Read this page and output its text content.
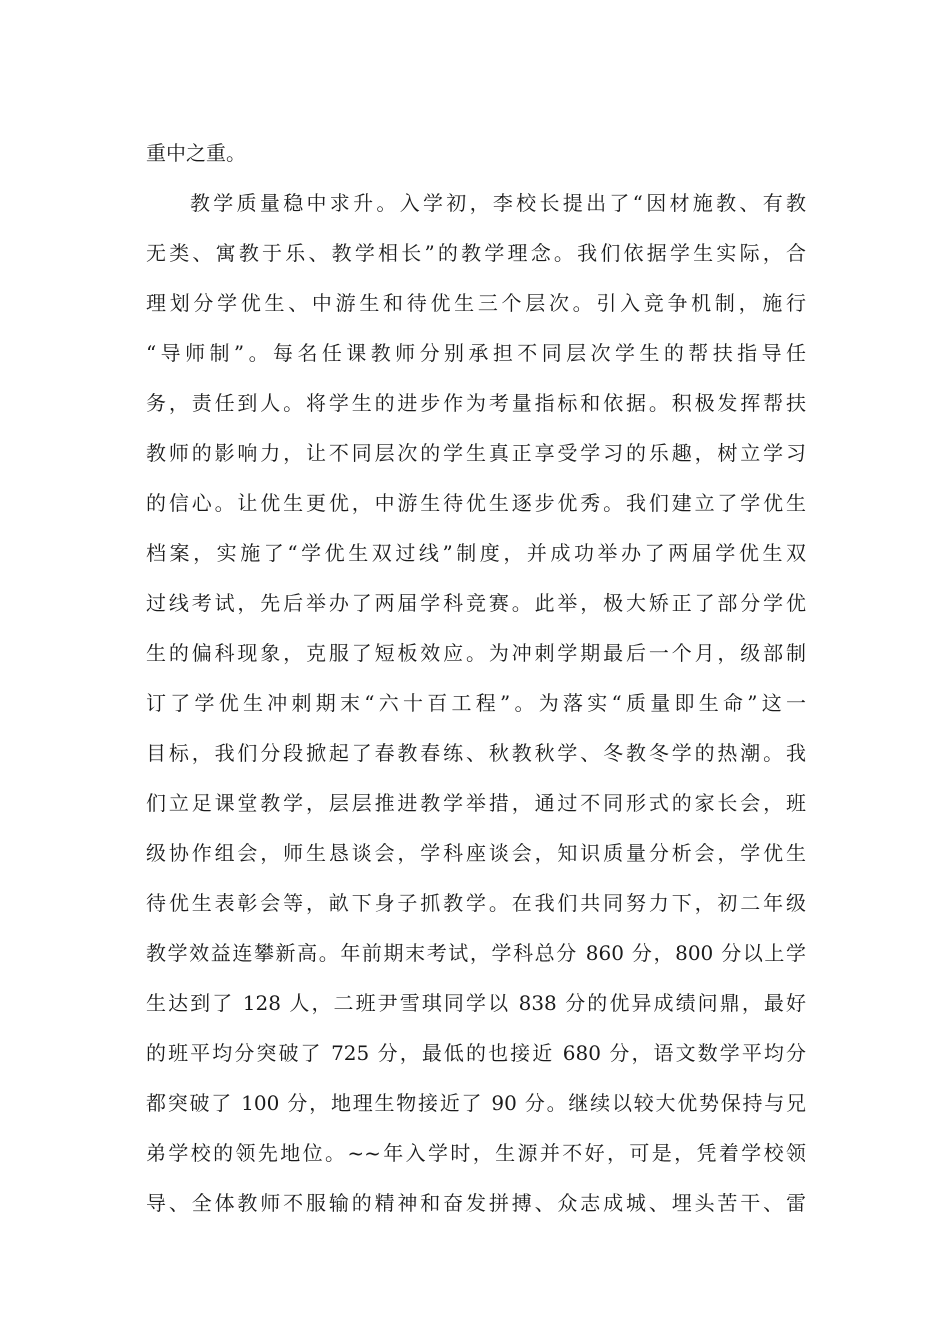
重中之重。
教学质量稳中求升。入学初，李校长提出了“因材施教、有教
无类、寓教于乐、教学相长”的教学理念。我们依据学生实际，合
理划分学优生、中游生和待优生三个层次。引入竞争机制，施行
“导师制”。每名任课教师分别承担不同层次学生的帮扶指导任
务，责任到人。将学生的进步作为考量指标和依据。积极发挥帮扶
教师的影响力，让不同层次的学生真正享受学习的乐趣，树立学习
的信心。让优生更优，中游生待优生逐步优秀。我们建立了学优生
档案，实施了“学优生双过线”制度，并成功举办了两届学优生双
过线考试，先后举办了两届学科竞赛。此举，极大矫正了部分学优
生的偏科现象，克服了短板效应。为冲刺学期最后一个月，级部制
订了学优生冲刺期末“六十百工程”。为落实“质量即生命”这一
目标，我们分段掀起了春教春练、秋教秋学、冬教冬学的热潮。我
们立足课堂教学，层层推进教学举措，通过不同形式的家长会，班
级协作组会，师生恳谈会，学科座谈会，知识质量分析会，学优生
待优生表彰会等，畝下身子抓教学。在我们共同努力下，初二年级
教学效益连攀新高。年前期末考试，学科总分 860 分，800 分以上学
生达到了 128 人，二班尹雪琪同学以 838 分的优异成绩问鼎，最好
的班平均分突破了 725 分，最低的也接近 680 分，语文数学平均分
都突破了 100 分，地理生物接近了 90 分。继续以较大优势保持与兄
弟学校的领先地位。~~年入学时，生源并不好，可是，凭着学校领
导、全体教师不服输的精神和奋发拼搏、众志成城、埋头苦干、雷
